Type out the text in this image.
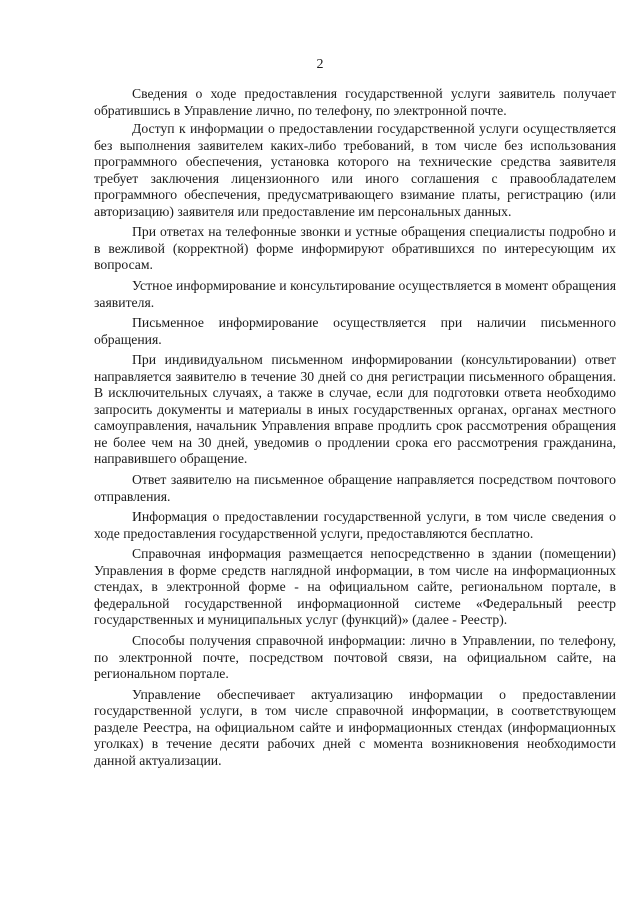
2

Сведения о ходе предоставления государственной услуги заявитель получает обратившись в Управление лично, по телефону, по электронной почте.

Доступ к информации о предоставлении государственной услуги осуществляется без выполнения заявителем каких-либо требований, в том числе без использования программного обеспечения, установка которого на технические средства заявителя требует заключения лицензионного или иного соглашения с правообладателем программного обеспечения, предусматривающего взимание платы, регистрацию (или авторизацию) заявителя или предоставление им персональных данных.

При ответах на телефонные звонки и устные обращения специалисты подробно и в вежливой (корректной) форме информируют обратившихся по интересующим их вопросам.

Устное информирование и консультирование осуществляется в момент обращения заявителя.

Письменное информирование осуществляется при наличии письменного обращения.

При индивидуальном письменном информировании (консультировании) ответ направляется заявителю в течение 30 дней со дня регистрации письменного обращения. В исключительных случаях, а также в случае, если для подготовки ответа необходимо запросить документы и материалы в иных государственных органах, органах местного самоуправления, начальник Управления вправе продлить срок рассмотрения обращения не более чем на 30 дней, уведомив о продлении срока его рассмотрения гражданина, направившего обращение.

Ответ заявителю на письменное обращение направляется посредством почтового отправления.

Информация о предоставлении государственной услуги, в том числе сведения о ходе предоставления государственной услуги, предоставляются бесплатно.

Справочная информация размещается непосредственно в здании (помещении) Управления в форме средств наглядной информации, в том числе на информационных стендах, в электронной форме - на официальном сайте, региональном портале, в федеральной государственной информационной системе «Федеральный реестр государственных и муниципальных услуг (функций)» (далее - Реестр).

Способы получения справочной информации: лично в Управлении, по телефону, по электронной почте, посредством почтовой связи, на официальном сайте, на региональном портале.

Управление обеспечивает актуализацию информации о предоставлении государственной услуги, в том числе справочной информации, в соответствующем разделе Реестра, на официальном сайте и информационных стендах (информационных уголках) в течение десяти рабочих дней с момента возникновения необходимости данной актуализации.
